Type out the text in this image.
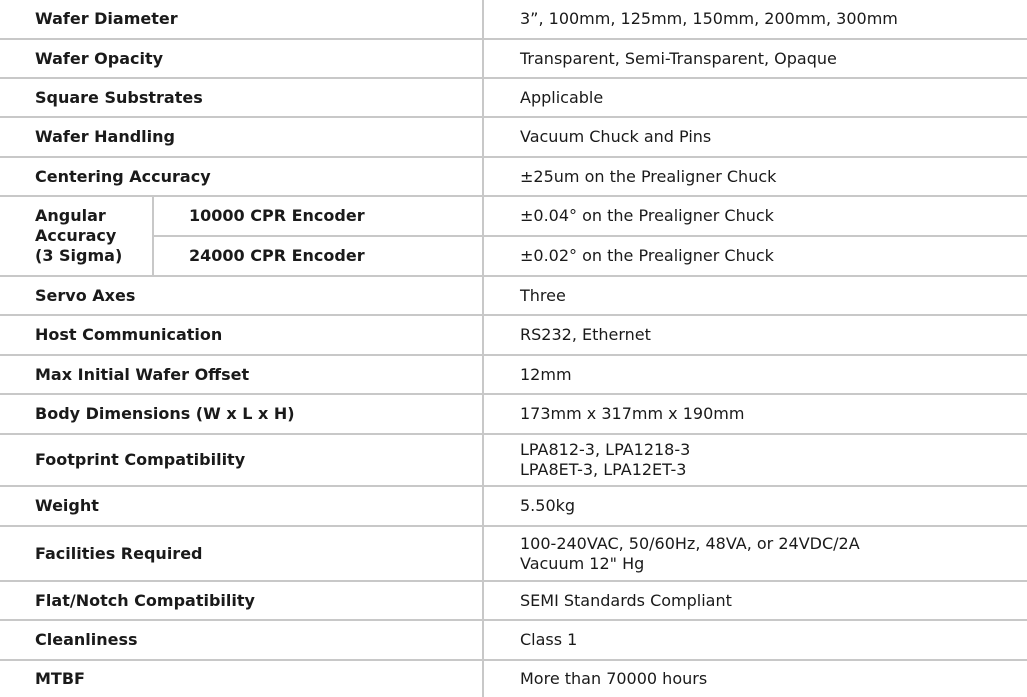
Wafer Diameter		3”, 100mm, 125mm, 150mm, 200mm, 300mm
Wafer Opacity		Transparent, Semi-Transparent, Opaque
Square Substrates		Applicable
Wafer Handling		Vacuum Chuck and Pins
Centering Accuracy		±25um on the Prealigner Chuck

Angular
Accuracy
(3 Sigma)	10000 CPR Encoder	±0.04° on the Prealigner Chuck
	24000 CPR Encoder	±0.02° on the Prealigner Chuck
Servo Axes		Three
Host Communication		RS232, Ethernet
Max Initial Wafer Offset		12mm
Body Dimensions (W x L x H)		173mm x 317mm x 190mm
Footprint Compatibility		LPA812-3, LPA1218-3
LPA8ET-3, LPA12ET-3

Weight		5.50kg
Facilities Required		100-240VAC, 50/60Hz, 48VA, or 24VDC/2A
Vacuum 12" Hg

Flat/Notch Compatibility		SEMI Standards Compliant
Cleanliness		Class 1
MTBF		More than 70000 hours
